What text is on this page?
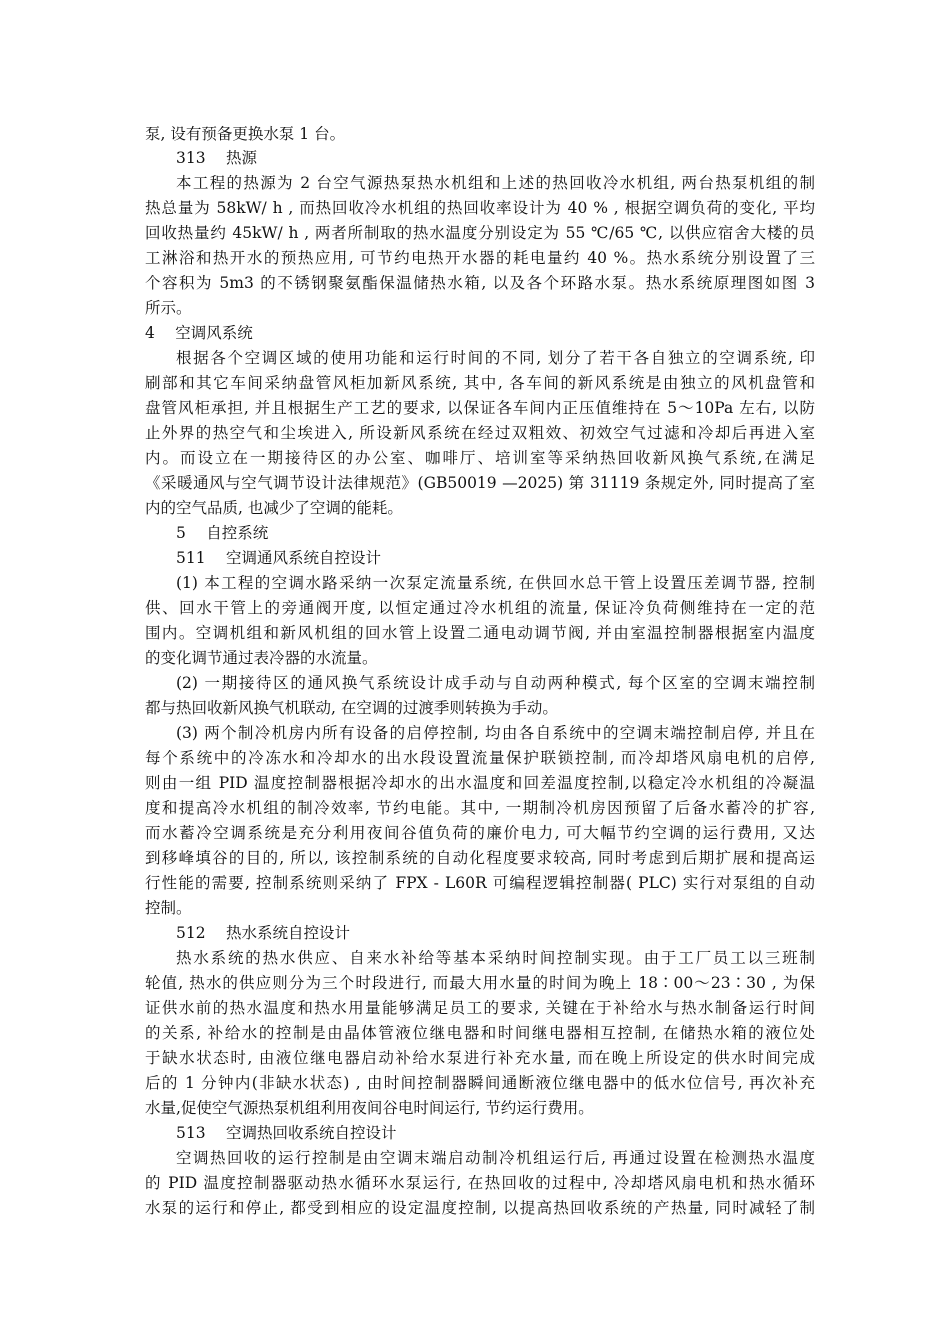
泵, 设有预备更换水泵 1 台。
313　 热源
本工程的热源为 2 台空气源热泵热水机组和上述的热回收冷水机组, 两台热泵机组的制
热总量为 58kW/ h , 而热回收冷水机组的热回收率设计为 40 % , 根据空调负荷的变化, 平均
回收热量约 45kW/ h , 两者所制取的热水温度分别设定为 55 ℃/65 ℃, 以供应宿舍大楼的员
工淋浴和热开水的预热应用, 可节约电热开水器的耗电量约 40 %。热水系统分别设置了三
个容积为 5m3 的不锈钢聚氨酯保温储热水箱, 以及各个环路水泵。热水系统原理图如图 3
所示。
4　 空调风系统
根据各个空调区域的使用功能和运行时间的不同, 划分了若干各自独立的空调系统, 印
刷部和其它车间采纳盘管风柜加新风系统, 其中, 各车间的新风系统是由独立的风机盘管和
盘管风柜承担, 并且根据生产工艺的要求, 以保证各车间内正压值维持在 5～10Pa 左右, 以防
止外界的热空气和尘埃进入, 所设新风系统在经过双粗效、初效空气过滤和冷却后再进入室
内。而设立在一期接待区的办公室、咖啡厅、培训室等采纳热回收新风换气系统,在满足
《采暖通风与空气调节设计法律规范》(GB50019 —2025) 第 31119 条规定外, 同时提高了室
内的空气品质, 也减少了空调的能耗。
5　 自控系统
511　 空调通风系统自控设计
(1) 本工程的空调水路采纳一次泵定流量系统, 在供回水总干管上设置压差调节器, 控制
供、回水干管上的旁通阀开度, 以恒定通过冷水机组的流量, 保证冷负荷侧维持在一定的范
围内。空调机组和新风机组的回水管上设置二通电动调节阀, 并由室温控制器根据室内温度
的变化调节通过表冷器的水流量。
(2) 一期接待区的通风换气系统设计成手动与自动两种模式, 每个区室的空调末端控制
都与热回收新风换气机联动, 在空调的过渡季则转换为手动。
(3) 两个制冷机房内所有设备的启停控制, 均由各自系统中的空调末端控制启停, 并且在
每个系统中的冷冻水和冷却水的出水段设置流量保护联锁控制, 而冷却塔风扇电机的启停,
则由一组 PID 温度控制器根据冷却水的出水温度和回差温度控制,以稳定冷水机组的冷凝温
度和提高冷水机组的制冷效率, 节约电能。其中, 一期制冷机房因预留了后备水蓄冷的扩容,
而水蓄冷空调系统是充分利用夜间谷值负荷的廉价电力, 可大幅节约空调的运行费用, 又达
到移峰填谷的目的, 所以, 该控制系统的自动化程度要求较高, 同时考虑到后期扩展和提高运
行性能的需要, 控制系统则采纳了 FPX - L60R 可编程逻辑控制器( PLC) 实行对泵组的自动
控制。
512　 热水系统自控设计
热水系统的热水供应、自来水补给等基本采纳时间控制实现。由于工厂员工以三班制
轮值, 热水的供应则分为三个时段进行, 而最大用水量的时间为晚上 18∶00～23∶30 , 为保
证供水前的热水温度和热水用量能够满足员工的要求, 关键在于补给水与热水制备运行时间
的关系, 补给水的控制是由晶体管液位继电器和时间继电器相互控制, 在储热水箱的液位处
于缺水状态时, 由液位继电器启动补给水泵进行补充水量, 而在晚上所设定的供水时间完成
后的 1 分钟内(非缺水状态) , 由时间控制器瞬间通断液位继电器中的低水位信号, 再次补充
水量,促使空气源热泵机组利用夜间谷电时间运行, 节约运行费用。
513　 空调热回收系统自控设计
空调热回收的运行控制是由空调末端启动制冷机组运行后, 再通过设置在检测热水温度
的 PID 温度控制器驱动热水循环水泵运行, 在热回收的过程中, 冷却塔风扇电机和热水循环
水泵的运行和停止, 都受到相应的设定温度控制, 以提高热回收系统的产热量, 同时减轻了制
